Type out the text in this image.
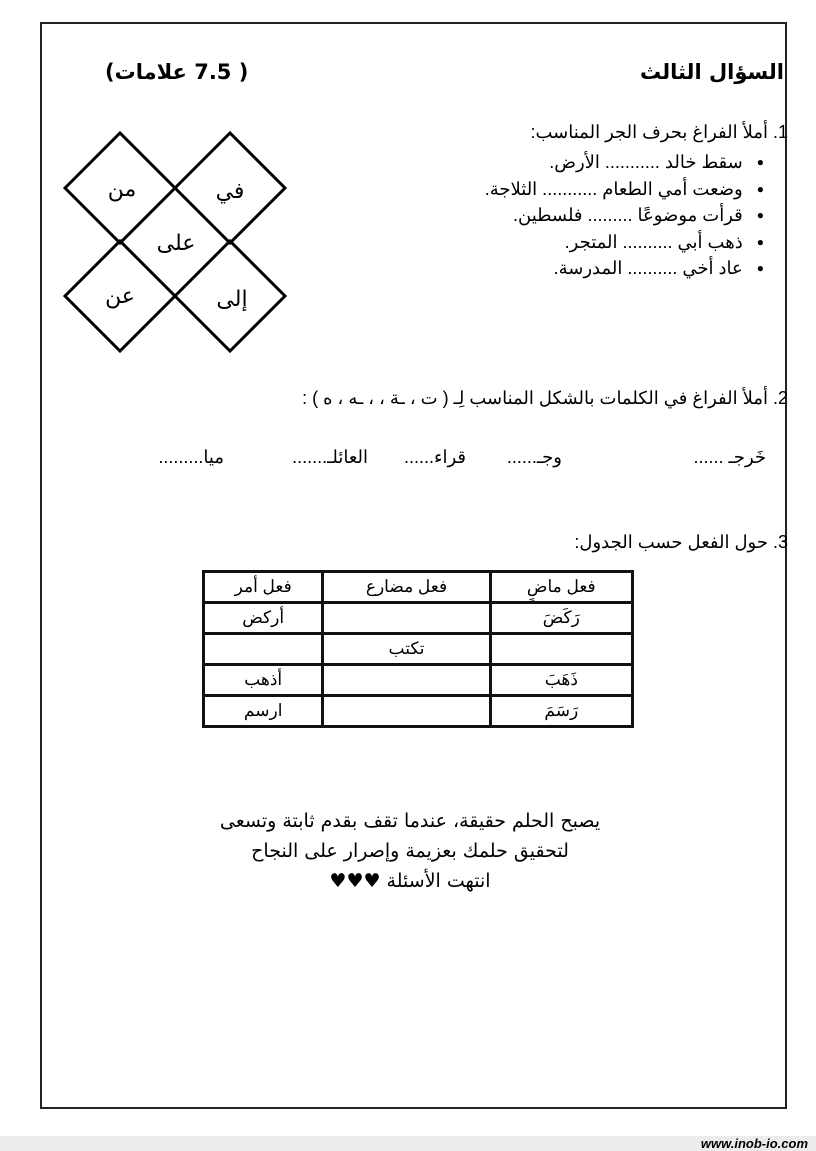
السؤال الثالث
( 7.5 علامات)
1. أملأ الفراغ بحرف الجر المناسب:
● سقط خالد ........... الأرض.
● وضعت أمي الطعام ........... الثلاجة.
● قرأت موضوعًا ......... فلسطين.
● ذهب أبي .......... المتجر.
● عاد أخي .......... المدرسة.
في
من
على
إلى
عن
2. أملأ الفراغ في الكلمات بالشكل المناسب لِـ ( ت ، ـة ، ، ـه ، ه ) :
خَرجـ ......
وجـ......
قراء......
العائلـ.......
ميا.........
3. حول الفعل حسب الجدول:
فعل ماضٍ	فعل مضارع	فعل أمر
رَكَضَ		أركض
	تكتب	
ذَهَبَ		أذهب
رَسَمَ		ارسم
يصبح الحلم حقيقة، عندما تقف بقدم ثابتة وتسعى
لتحقيق حلمك بعزيمة وإصرار على النجاح
انتهت الأسئلة ♥♥♥
www.inob-io.com
